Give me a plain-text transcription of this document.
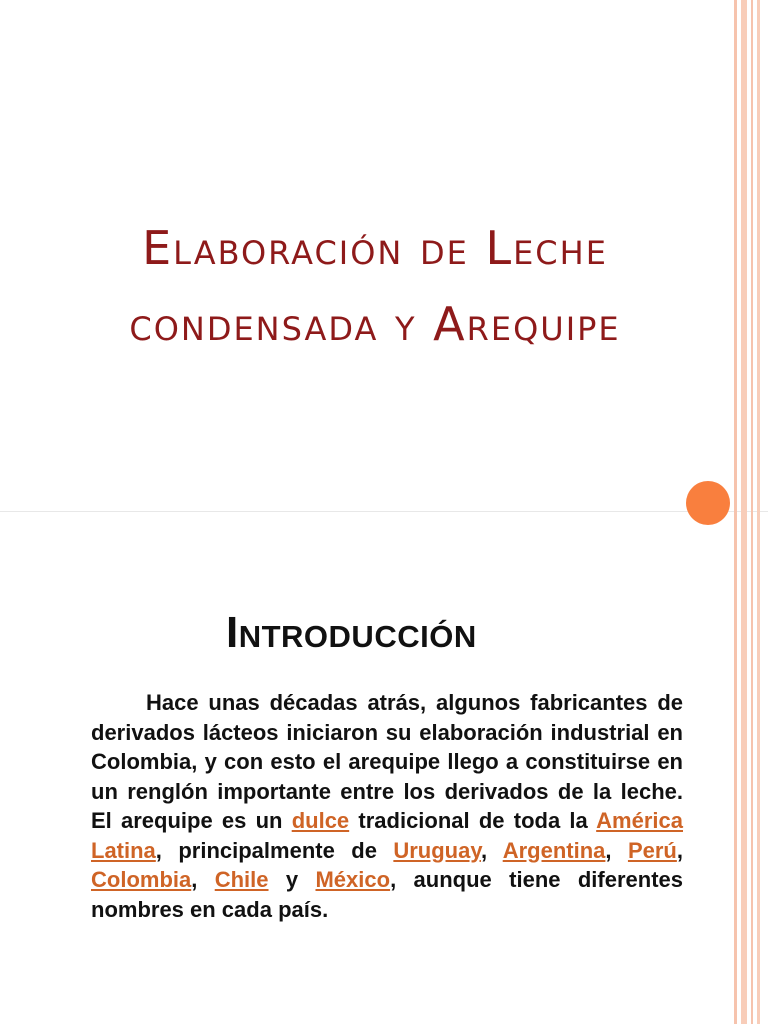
Elaboración de Leche condensada y Arequipe
Introducción

Hace unas décadas atrás, algunos fabricantes de derivados lácteos iniciaron su elaboración industrial en Colombia, y con esto el arequipe llego a constituirse en un renglón importante entre los derivados de la leche. El arequipe es un dulce tradicional de toda la América Latina, principalmente de Uruguay, Argentina, Perú, Colombia, Chile y México, aunque tiene diferentes nombres en cada país.
